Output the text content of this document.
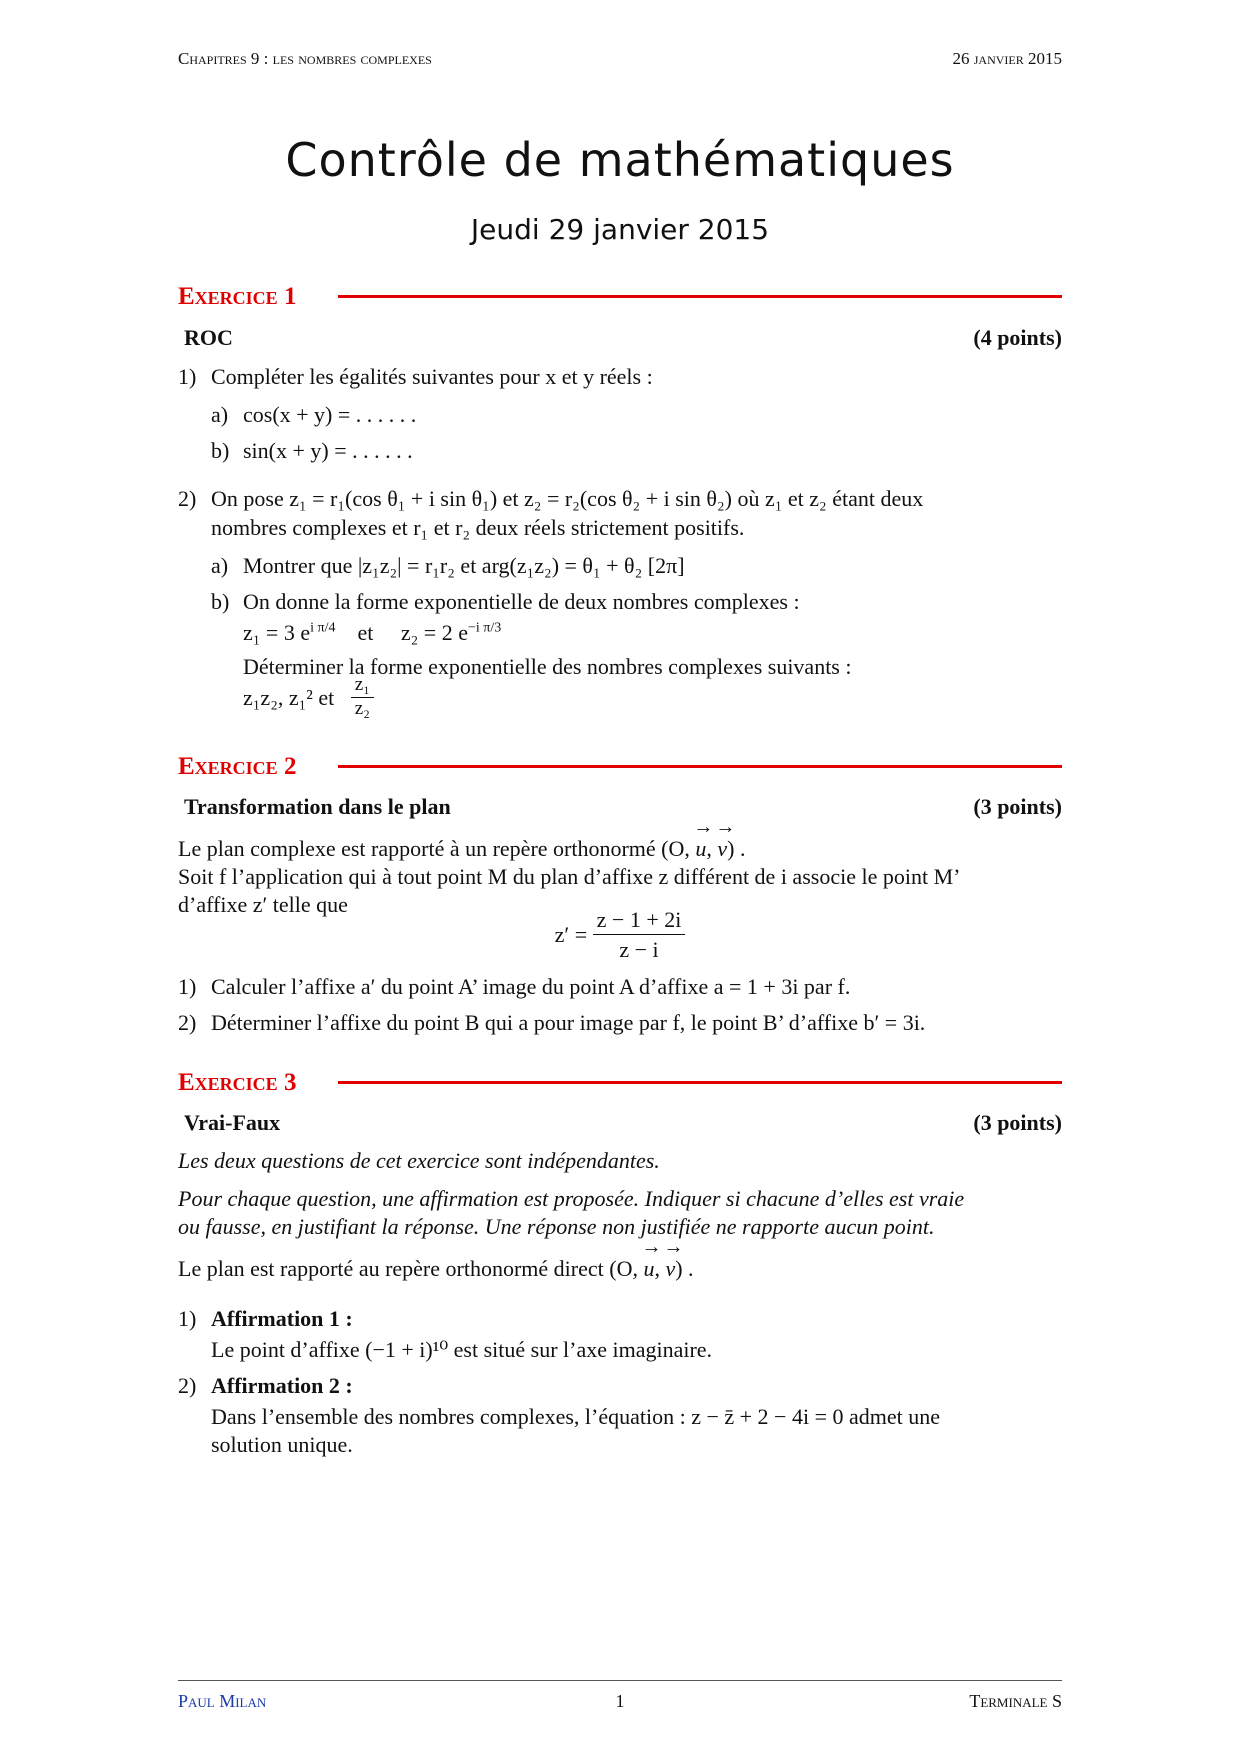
Chapitres 9 : les nombres complexes	26 janvier 2015
Contrôle de mathématiques
Jeudi 29 janvier 2015
Exercice 1
ROC	(4 points)
1) Compléter les égalités suivantes pour x et y réels :
a) cos(x + y) = . . . . . .
b) sin(x + y) = . . . . . .
2) On pose z₁ = r₁(cos θ₁ + i sin θ₁) et z₂ = r₂(cos θ₂ + i sin θ₂) où z₁ et z₂ étant deux
nombres complexes et r₁ et r₂ deux réels strictement positifs.
a) Montrer que |z₁z₂| = r₁r₂ et arg(z₁z₂) = θ₁ + θ₂ [2π]
b) On donne la forme exponentielle de deux nombres complexes :
z₁ = 3 $e^{i \pi/4}$ et z₂ = 2 $e^{-i \pi/3}$
Déterminer la forme exponentielle des nombres complexes suivants :
z₁z₂, z₁² et $\frac{\text{z₁}}{\text{z₂}}$
Exercice 2
Transformation dans le plan	(3 points)
Le plan complexe est rapporté à un repère orthonormé (O, → u, → v) .
Soit f l’application qui à tout point M du plan d’affixe z différent de i associe le point M’
d’affixe z′ telle que
$z' = \frac{z - 1 + 2i}{z - i}$
1) Calculer l’affixe a′ du point A’ image du point A d’affixe a = 1 + 3i par f.
2) Déterminer l’affixe du point B qui a pour image par f, le point B’ d’affixe b′ = 3i.
Exercice 3
Vrai-Faux	(3 points)
Les deux questions de cet exercice sont indépendantes.
Pour chaque question, une affirmation est proposée. Indiquer si chacune d’elles est vraie
ou fausse, en justifiant la réponse. Une réponse non justifiée ne rapporte aucun point.
Le plan est rapporté au repère orthonormé direct (O, → u, → v) .
1) Affirmation 1 :
Le point d’affixe (−1 + i)¹⁰ est situé sur l’axe imaginaire.
2) Affirmation 2 :
Dans l’ensemble des nombres complexes, l’équation : z − z̄ + 2 − 4i = 0 admet une
solution unique.
Paul Milan	1	Terminale S
